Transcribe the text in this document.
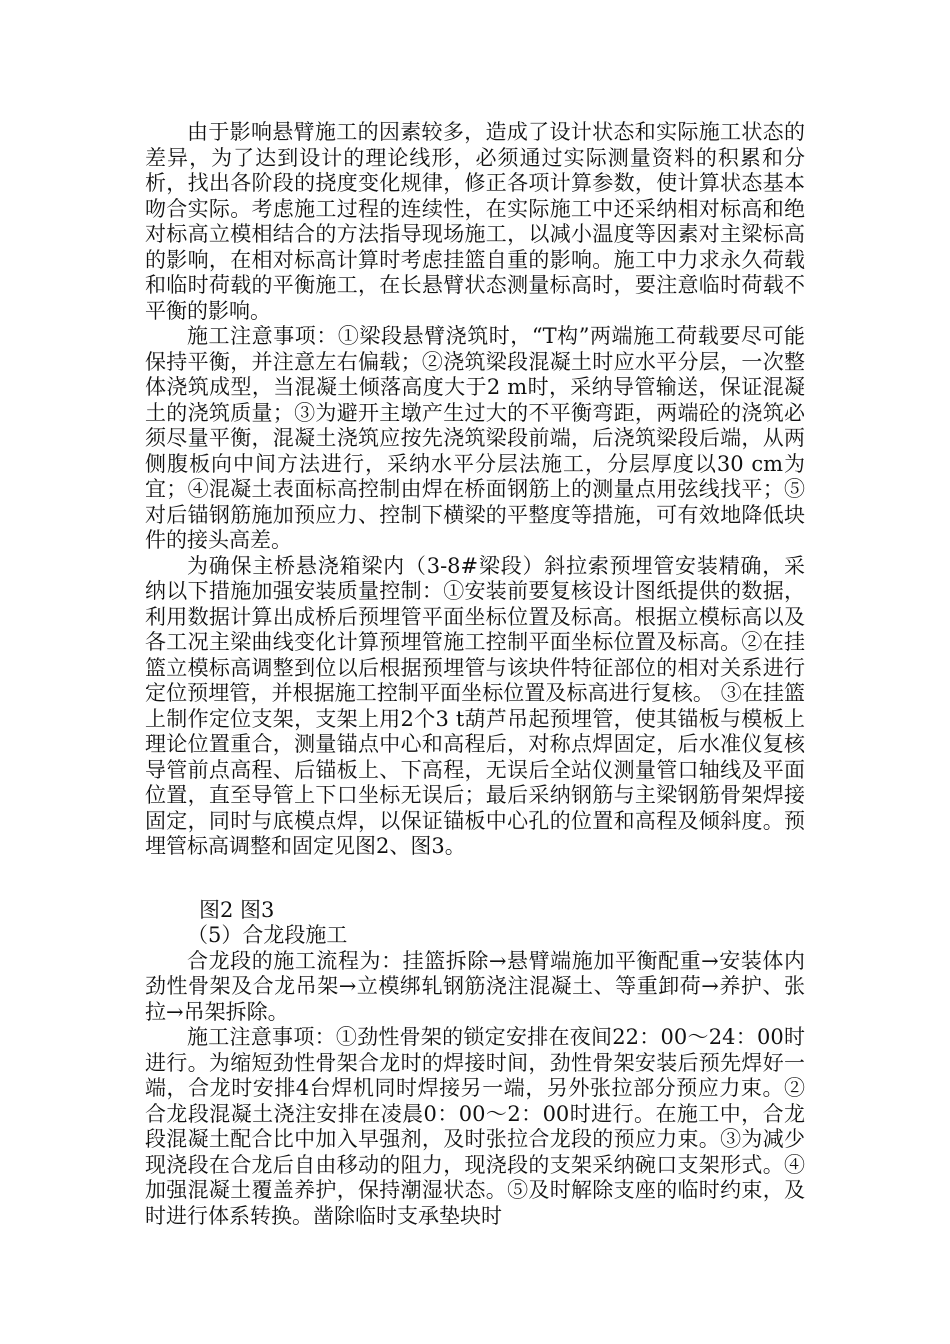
由于影响悬臂施工的因素较多，造成了设计状态和实际施工状态的差异，为了达到设计的理论线形，必须通过实际测量资料的积累和分析，找出各阶段的挠度变化规律，修正各项计算参数，使计算状态基本吻合实际。考虑施工过程的连续性，在实际施工中还采纳相对标高和绝对标高立模相结合的方法指导现场施工，以减小温度等因素对主梁标高的影响，在相对标高计算时考虑挂篮自重的影响。施工中力求永久荷载和临时荷载的平衡施工，在长悬臂状态测量标高时，要注意临时荷载不平衡的影响。

施工注意事项：①梁段悬臂浇筑时，“T构”两端施工荷载要尽可能保持平衡，并注意左右偏载；②浇筑梁段混凝土时应水平分层，一次整体浇筑成型，当混凝土倾落高度大于2 m时，采纳导管输送，保证混凝土的浇筑质量；③为避开主墩产生过大的不平衡弯距，两端砼的浇筑必须尽量平衡，混凝土浇筑应按先浇筑梁段前端，后浇筑梁段后端，从两侧腹板向中间方法进行，采纳水平分层法施工，分层厚度以30 cm为宜；④混凝土表面标高控制由焊在桥面钢筋上的测量点用弦线找平；⑤对后锚钢筋施加预应力、控制下横梁的平整度等措施，可有效地降低块件的接头高差。

为确保主桥悬浇箱梁内（3-8#梁段）斜拉索预埋管安装精确，采纳以下措施加强安装质量控制：①安装前要复核设计图纸提供的数据，利用数据计算出成桥后预埋管平面坐标位置及标高。根据立模标高以及各工况主梁曲线变化计算预埋管施工控制平面坐标位置及标高。②在挂篮立模标高调整到位以后根据预埋管与该块件特征部位的相对关系进行定位预埋管，并根据施工控制平面坐标位置及标高进行复核。 ③在挂篮上制作定位支架，支架上用2个3 t葫芦吊起预埋管，使其锚板与模板上理论位置重合，测量锚点中心和高程后，对称点焊固定，后水准仪复核导管前点高程、后锚板上、下高程，无误后全站仪测量管口轴线及平面位置，直至导管上下口坐标无误后；最后采纳钢筋与主梁钢筋骨架焊接固定，同时与底模点焊，以保证锚板中心孔的位置和高程及倾斜度。预埋管标高调整和固定见图2、图3。

图2 图3

（5）合龙段施工

合龙段的施工流程为：挂篮拆除→悬臂端施加平衡配重→安装体内劲性骨架及合龙吊架→立模绑轧钢筋浇注混凝土、等重卸荷→养护、张拉→吊架拆除。

施工注意事项：①劲性骨架的锁定安排在夜间22：00～24：00时进行。为缩短劲性骨架合龙时的焊接时间，劲性骨架安装后预先焊好一端，合龙时安排4台焊机同时焊接另一端，另外张拉部分预应力束。②合龙段混凝土浇注安排在凌晨0：00～2：00时进行。在施工中，合龙段混凝土配合比中加入早强剂，及时张拉合龙段的预应力束。③为减少现浇段在合龙后自由移动的阻力，现浇段的支架采纳碗口支架形式。④加强混凝土覆盖养护，保持潮湿状态。⑤及时解除支座的临时约束，及时进行体系转换。凿除临时支承垫块时
